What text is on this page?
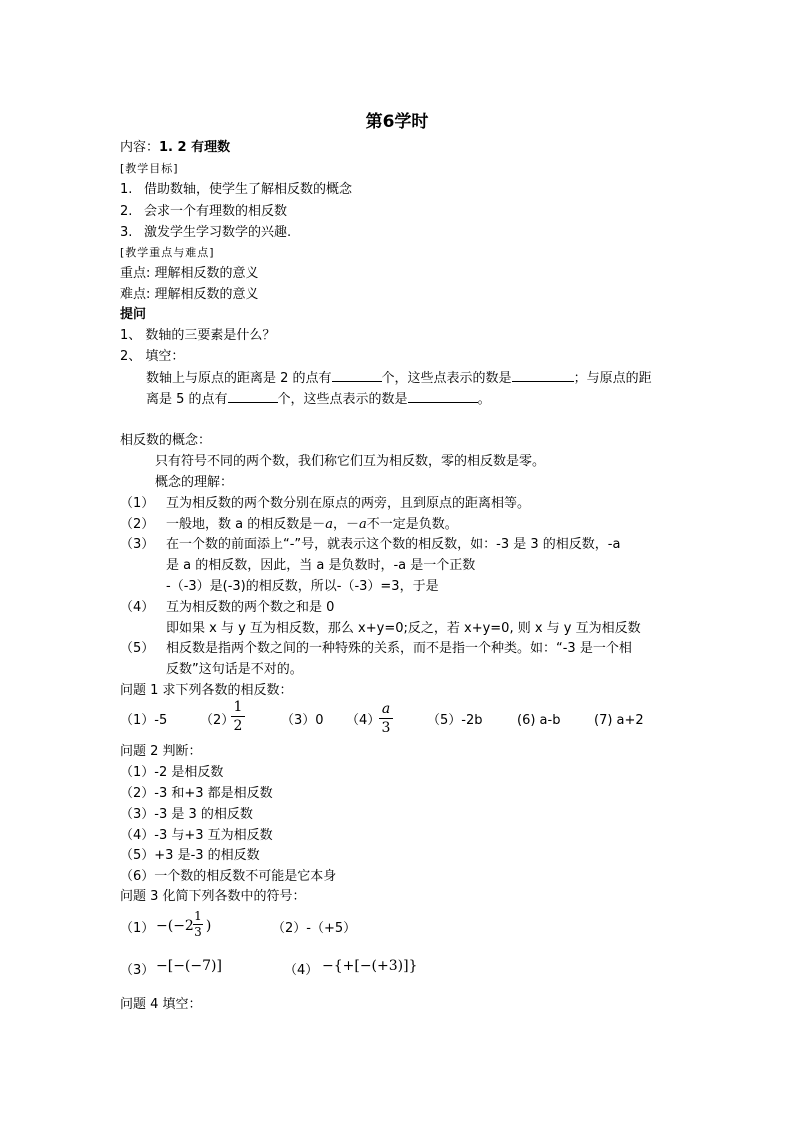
第6学时
内容：1. 2 有理数
[教学目标]
1. 借助数轴，使学生了解相反数的概念
2. 会求一个有理数的相反数
3. 激发学生学习数学的兴趣.
[教学重点与难点]
重点: 理解相反数的意义
难点: 理解相反数的意义
提问
1、 数轴的三要素是什么？
2、 填空：
数轴上与原点的距离是 2 的点有	个，这些点表示的数是	；与原点的距
离是 5 的点有	个，这些点表示的数是	。
相反数的概念：
只有符号不同的两个数，我们称它们互为相反数，零的相反数是零。
概念的理解：
（1） 互为相反数的两个数分别在原点的两旁，且到原点的距离相等。
（2） 一般地，数 a 的相反数是－a，－a不一定是负数。
（3） 在一个数的前面添上“-”号，就表示这个数的相反数，如：-3 是 3 的相反数，-a
是 a 的相反数，因此，当 a 是负数时，-a 是一个正数
-（-3）是(-3)的相反数，所以-（-3）=3，于是
（4） 互为相反数的两个数之和是 0
即如果 x 与 y 互为相反数，那么 x+y=0;反之，若 x+y=0, 则 x 与 y 互为相反数
（5） 相反数是指两个数之间的一种特殊的关系，而不是指一个种类。如：“-3 是一个相
反数”这句话是不对的。
问题 1 求下列各数的相反数：
（1）-5	（2）
1
2	（3）0 （4）
a
3	（5）-2b	(6) a-b	(7) a+2
问题 2 判断：
（1）-2 是相反数
（2）-3 和+3 都是相反数
（3）-3 是 3 的相反数
（4）-3 与+3 互为相反数
（5）+3 是-3 的相反数
（6）一个数的相反数不可能是它本身
问题 3 化简下列各数中的符号：
（1） −(−2 )
1
3	（2）-（+5）
（3） −[−(−7)]	（4） −{+[−(+3)]}
问题 4 填空：
